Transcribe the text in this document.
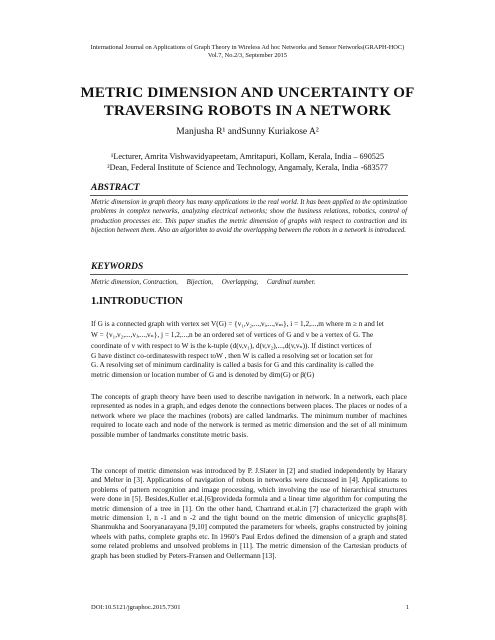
International Journal on Applications of Graph Theory in Wireless Ad hoc Networks and Sensor Networks(GRAPH-HOC)
Vol.7, No.2/3, September 2015
METRIC DIMENSION AND UNCERTAINTY OF
TRAVERSING ROBOTS IN A NETWORK
Manjusha R¹ andSunny Kuriakose A²
¹Lecturer, Amrita Vishwavidyapeetam, Amritapuri, Kollam, Kerala, India – 690525
²Dean, Federal Institute of Science and Technology, Angamaly, Kerala, India -683577
ABSTRACT
Metric dimension in graph theory has many applications in the real world. It has been applied to the optimization problems in complex networks, analyzing electrical networks; show the business relations, robotics, control of production processes etc. This paper studies the metric dimension of graphs with respect to contraction and its bijection between them. Also an algorithm to avoid the overlapping between the robots in a network is introduced.
KEYWORDS
Metric dimension, Contraction,     Bijection,     Overlapping,     Cardinal number.
1.INTRODUCTION
If G is a connected graph with vertex set V(G) = {v₁,v₂,...,vᵢ,...,vₘ}, i = 1,2,...,m where m ≥ n and let
W = {v₁,v₂,...,vⱼ,...,vₙ}, j = 1,2,...,n be an ordered set of vertices of G and v be a vertex of G. The
coordinate of v with respect to W is the k-tuple (d(v,v₁), d(v,v₂),...,d(v,vₙ)). If distinct vertices of
G have distinct co-ordinateswith respect toW , then W is called a resolving set or location set for
G. A resolving set of minimum cardinality is called a basis for G and this cardinality is called the
metric dimension or location number of G and is denoted by dim(G) or β(G)
The concepts of graph theory have been used to describe navigation in network. In a network, each place represented as nodes in a graph, and edges denote the connections between places. The places or nodes of a network where we place the machines (robots) are called landmarks. The minimum number of machines required to locate each and node of the network is termed as metric dimension and the set of all minimum possible number of landmarks constitute metric basis.
The concept of metric dimension was introduced by P. J.Slater in [2] and studied independently by Harary and Melter in [3]. Applications of navigation of robots in networks were discussed in [4]. Applications to problems of pattern recognition and image processing, which involving the use of hierarchical structures were done in [5]. Besides,Kuller et.al.[6]provideda formula and a linear time algorithm for computing the metric dimension of a tree in [1]. On the other hand, Chartrand et.al.in [7] characterized the graph with metric dimension 1, n -1 and n -2 and the tight bound on the metric dimension of unicyclic graphs[8]. Shanmukha and Sooryanarayana [9,10] computed the parameters for wheels, graphs constructed by joining wheels with paths, complete graphs etc. In 1960’s Paul Erdos defined the dimension of a graph and stated some related problems and unsolved problems in [11]. The metric dimension of the Cartesian products of graph has been studied by Peters-Fransen and Oellermann [13].
DOI:10.5121/jgraphoc.2015.7301	1
